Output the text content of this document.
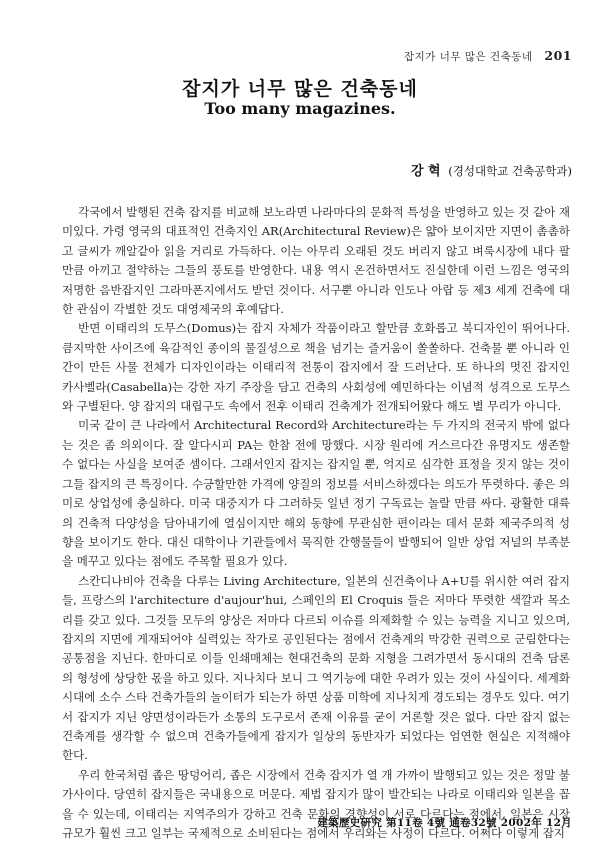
잡지가 너무 많은 건축동네 201
잡지가 너무 많은 건축동네
Too many magazines.
강 혁 (경성대학교 건축공학과)

각국에서 발행된 건축 잡지를 비교해 보노라면 나라마다의 문화적 특성을 반영하고 있는 것 같아 재미있다. 가령 영국의 대표적인 건축지인 AR(Architectural Review)은 얇아 보이지만 지면이 촘촘하고 글씨가 깨알같아 읽을 거리로 가득하다. 이는 아무리 오래된 것도 버리지 않고 벼룩시장에 내다 팔 만큼 아끼고 절약하는 그들의 풍토를 반영한다. 내용 역시 온건하면서도 진실한데 이런 느낌은 영국의 저명한 음반잡지인 그라마폰지에서도 받던 것이다. 서구뿐 아니라 인도나 아랍 등 제3 세계 건축에 대한 관심이 각별한 것도 대영제국의 후예답다.

반면 이태리의 도무스(Domus)는 잡지 자체가 작품이라고 할만큼 호화롭고 북디자인이 뛰어나다. 큼지막한 사이즈에 육감적인 종이의 물질성으로 책을 넘기는 즐거움이 쏠쏠하다. 건축물 뿐 아니라 인간이 만든 사물 전체가 디자인이라는 이태리적 전통이 잡지에서 잘 드러난다. 또 하나의 멋진 잡지인 카사벨라(Casabella)는 강한 자기 주장을 담고 건축의 사회성에 예민하다는 이념적 성격으로 도무스와 구별된다. 양 잡지의 대립구도 속에서 전후 이태리 건축계가 전개되어왔다 해도 별 무리가 아니다.

미국 같이 큰 나라에서 Architectural Record와 Architecture라는 두 가지의 전국지 밖에 없다는 것은 좀 의외이다. 잘 알다시피 PA는 한참 전에 망했다. 시장 원리에 거스르다간 유명지도 생존할 수 없다는 사실을 보여준 셈이다. 그래서인지 잡지는 잡지일 뿐, 억지로 심각한 표정을 짓지 않는 것이 그들 잡지의 큰 특징이다. 수긍할만한 가격에 양질의 정보를 서비스하겠다는 의도가 뚜렷하다. 좋은 의미로 상업성에 충실하다. 미국 대중지가 다 그러하듯 일년 정기 구독료는 놀랄 만큼 싸다. 광활한 대륙의 건축적 다양성을 담아내기에 열심이지만 해외 동향에 무관심한 편이라는 데서 문화 제국주의적 성향을 보이기도 한다. 대신 대학이나 기관들에서 묵직한 간행물들이 발행되어 일반 상업 저널의 부족분을 메꾸고 있다는 점에도 주목할 필요가 있다.

스칸디나비아 건축을 다루는 Living Architecture, 일본의 신건축이나 A+U를 위시한 여러 잡지들, 프랑스의 l'architecture d'aujour'hui, 스페인의 El Croquis 들은 저마다 뚜렷한 색깔과 목소리를 갖고 있다. 그것들 모두의 양상은 저마다 다르되 이슈를 의제화할 수 있는 능력을 지니고 있으며, 잡지의 지면에 게재되어야 실력있는 작가로 공인된다는 점에서 건축계의 막강한 권력으로 군림한다는 공통점을 지닌다. 한마디로 이들 인쇄매체는 현대건축의 문화 지형을 그려가면서 동시대의 건축 담론의 형성에 상당한 몫을 하고 있다. 지나치다 보니 그 역기능에 대한 우려가 있는 것이 사실이다. 세계화 시대에 소수 스타 건축가들의 놀이터가 되는가 하면 상품 미학에 지나치게 경도되는 경우도 있다. 여기서 잡지가 지닌 양면성이라든가 소통의 도구로서 존재 이유를 굳이 거론할 것은 없다. 다만 잡지 없는 건축계를 생각할 수 없으며 건축가들에게 잡지가 일상의 동반자가 되었다는 엄연한 현실은 지적해야 한다.

우리 한국처럼 좁은 땅덩어리, 좁은 시장에서 건축 잡지가 열 개 가까이 발행되고 있는 것은 정말 불가사이다. 당연히 잡지들은 국내용으로 머문다. 제법 잡지가 많이 발간되는 나라로 이태리와 일본을 꼽을 수 있는데, 이태리는 지역주의가 강하고 건축 문화의 경향성이 서로 다르다는 점에서, 일본은 시장 규모가 훨씬 크고 일부는 국제적으로 소비된다는 점에서 우리와는 사정이 다르다. 어쩌다 이렇게 잡지

建築歷史硏究 第11卷 4號 通卷32號 2002年 12月
